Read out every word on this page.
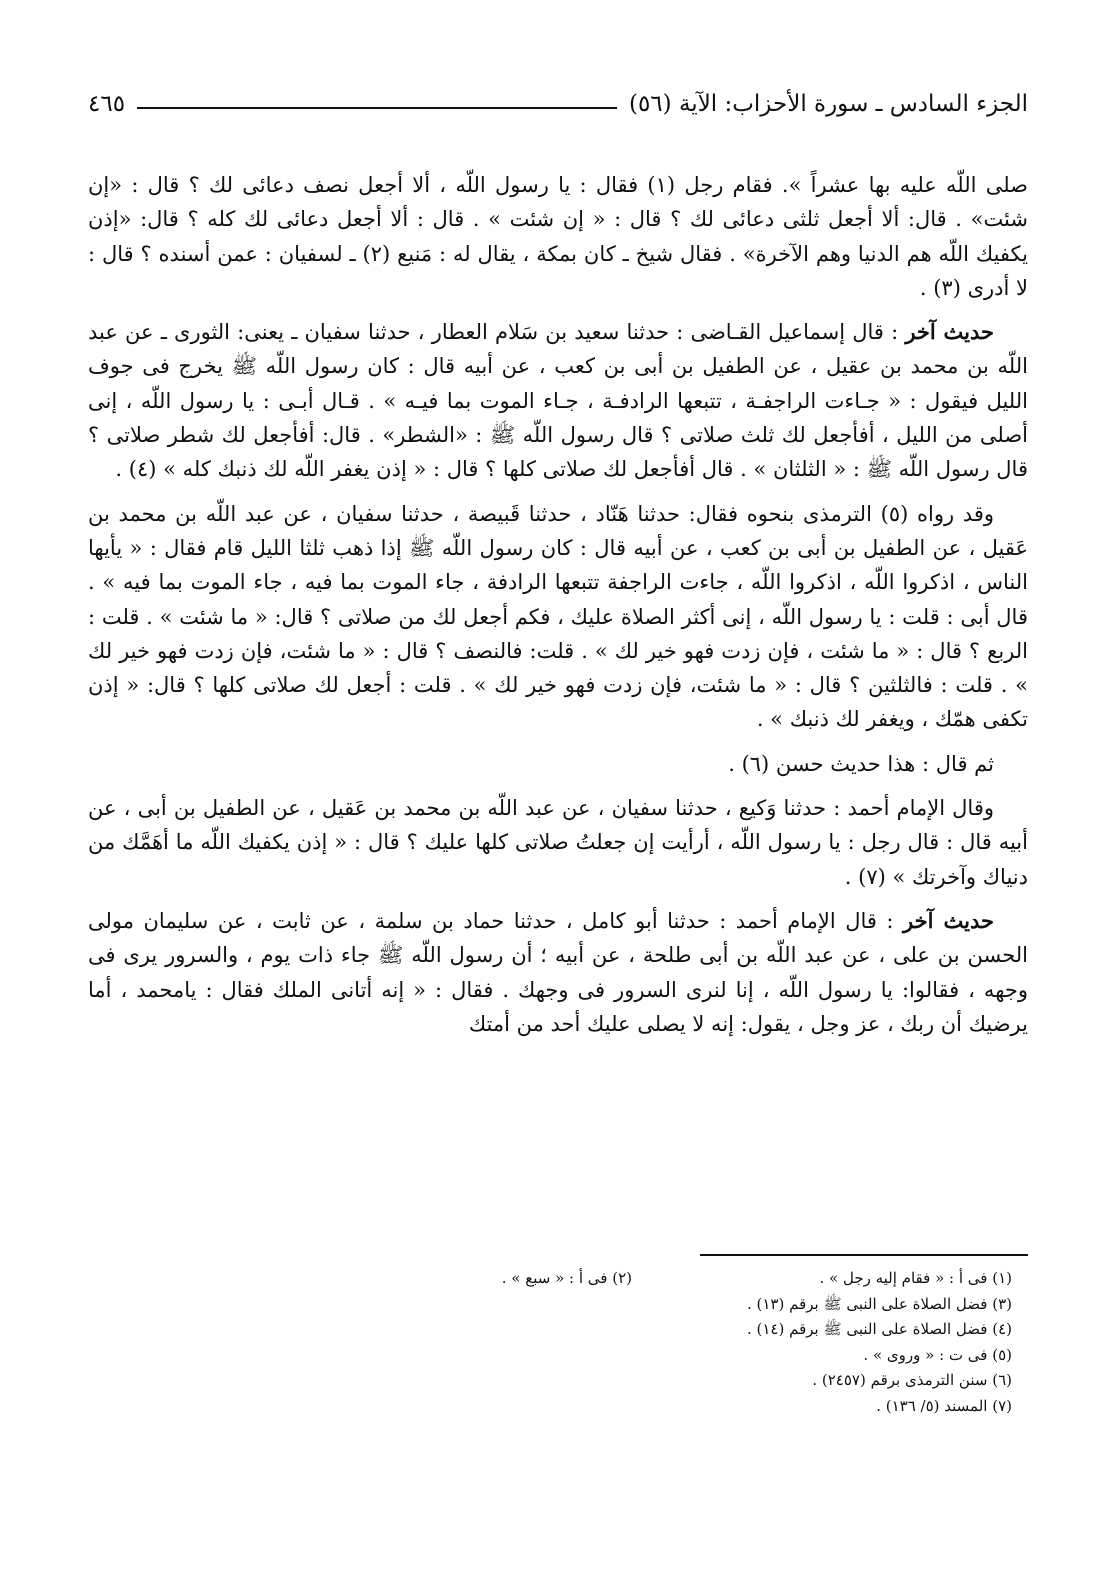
الجزء السادس ـ سورة الأحزاب: الآية (٥٦)
٤٦٥

صلى اللّه عليه بها عشراً ». فقام رجل (١) فقال : يا رسول اللّه ، ألا أجعل نصف دعائى لك ؟ قال : «إن شئت» . قال: ألا أجعل ثلثى دعائى لك ؟ قال : « إن شئت » . قال : ألا أجعل دعائى لك كله ؟ قال: «إذن يكفيك اللّه هم الدنيا وهم الآخرة» . فقال شيخ ـ كان بمكة ، يقال له : مَنيع (٢) ـ لسفيان : عمن أسنده ؟ قال : لا أدرى (٣) .

حديث آخر : قال إسماعيل القـاضى : حدثنا سعيد بن سَلام العطار ، حدثنا سفيان ـ يعنى: الثورى ـ عن عبد اللّه بن محمد بن عقيل ، عن الطفيل بن أبى بن كعب ، عن أبيه قال : كان رسول اللّه ﷺ يخرج فى جوف الليل فيقول : « جـاءت الراجفـة ، تتبعها الرادفـة ، جـاء الموت بما فيـه » . قـال أبـى : يا رسول اللّه ، إنى أصلى من الليل ، أفأجعل لك ثلث صلاتى ؟ قال رسول اللّه ﷺ : «الشطر» . قال: أفأجعل لك شطر صلاتى ؟ قال رسول اللّه ﷺ : « الثلثان » . قال أفأجعل لك صلاتى كلها ؟ قال : « إذن يغفر اللّه لك ذنبك كله » (٤) .

وقد رواه (٥) الترمذى بنحوه فقال: حدثنا هَنّاد ، حدثنا قَبيصة ، حدثنا سفيان ، عن عبد اللّه بن محمد بن عَقيل ، عن الطفيل بن أبى بن كعب ، عن أبيه قال : كان رسول اللّه ﷺ إذا ذهب ثلثا الليل قام فقال : « يأيها الناس ، اذكروا اللّه ، اذكروا اللّه ، جاءت الراجفة تتبعها الرادفة ، جاء الموت بما فيه ، جاء الموت بما فيه » . قال أبى : قلت : يا رسول اللّه ، إنى أكثر الصلاة عليك ، فكم أجعل لك من صلاتى ؟ قال: « ما شئت » . قلت : الربع ؟ قال : « ما شئت ، فإن زدت فهو خير لك » . قلت: فالنصف ؟ قال : « ما شئت، فإن زدت فهو خير لك » . قلت : فالثلثين ؟ قال : « ما شئت، فإن زدت فهو خير لك » . قلت : أجعل لك صلاتى كلها ؟ قال: « إذن تكفى همّك ، ويغفر لك ذنبك » .

ثم قال : هذا حديث حسن (٦) .

وقال الإمام أحمد : حدثنا وَكيع ، حدثنا سفيان ، عن عبد اللّه بن محمد بن عَقيل ، عن الطفيل بن أبى ، عن أبيه قال : قال رجل : يا رسول اللّه ، أرأيت إن جعلتُ صلاتى كلها عليك ؟ قال : « إذن يكفيك اللّه ما أهَمَّك من دنياك وآخرتك » (٧) .

حديث آخر : قال الإمام أحمد : حدثنا أبو كامل ، حدثنا حماد بن سلمة ، عن ثابت ، عن سليمان مولى الحسن بن على ، عن عبد اللّه بن أبى طلحة ، عن أبيه ؛ أن رسول اللّه ﷺ جاء ذات يوم ، والسرور يرى فى وجهه ، فقالوا: يا رسول اللّه ، إنا لنرى السرور فى وجهك . فقال : « إنه أتانى الملك فقال : يامحمد ، أما يرضيك أن ربك ، عز وجل ، يقول: إنه لا يصلى عليك أحد من أمتك

(١) فى أ : « فقام إليه رجل » .
(٢) فى أ : « سبع » .
(٣) فضل الصلاة على النبى ﷺ برقم (١٣) .
(٤) فضل الصلاة على النبى ﷺ برقم (١٤) .
(٥) فى ت : « وروى » .
(٦) سنن الترمذى برقم (٢٤٥٧) .
(٧) المسند (٥/ ١٣٦) .
